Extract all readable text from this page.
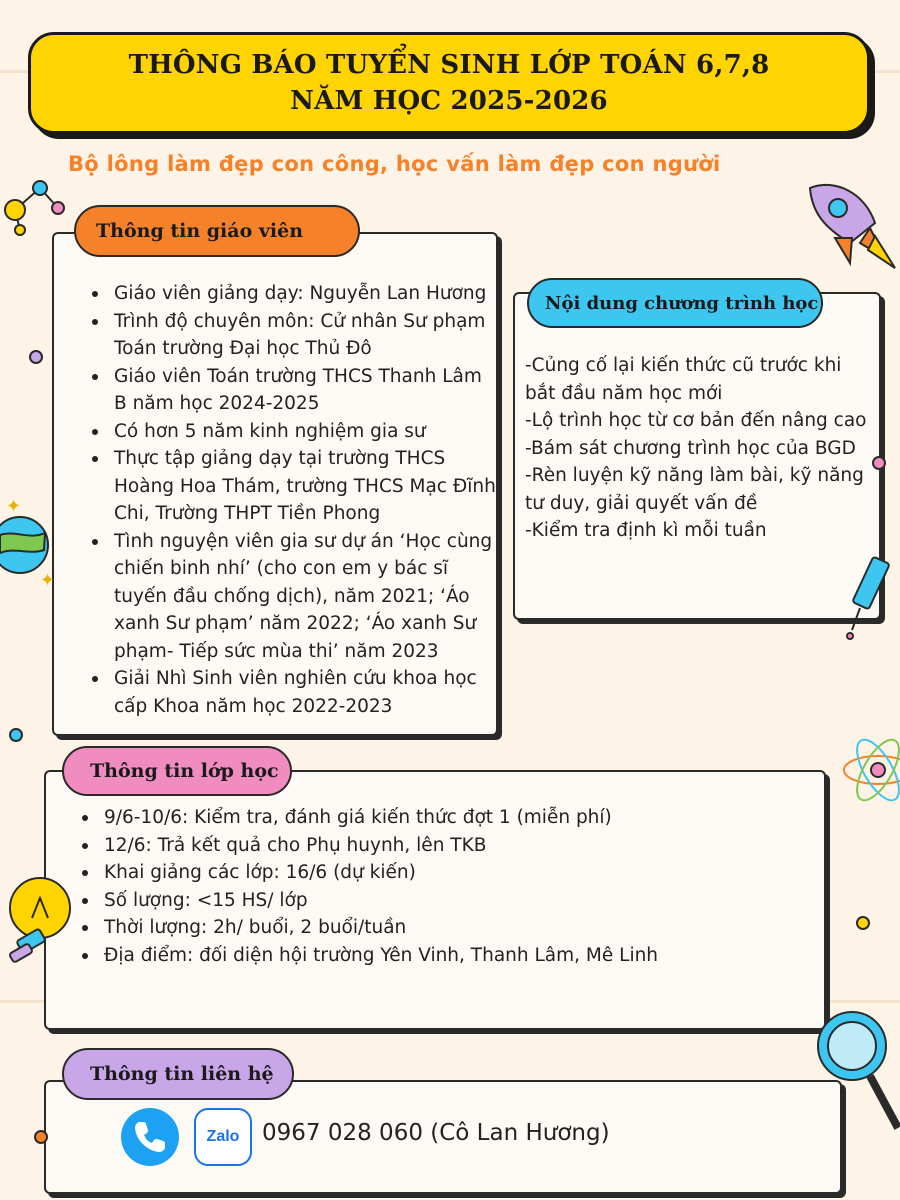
THÔNG BÁO TUYỂN SINH LỚP TOÁN 6,7,8
NĂM HỌC 2025-2026
Bộ lông làm đẹp con công, học vấn làm đẹp con người
Giáo viên giảng dạy: Nguyễn Lan Hương
Trình độ chuyên môn: Cử nhân Sư phạm Toán trường Đại học Thủ Đô
Giáo viên Toán trường THCS Thanh Lâm B năm học 2024-2025
Có hơn 5 năm kinh nghiệm gia sư
Thực tập giảng dạy tại trường THCS Hoàng Hoa Thám, trường THCS Mạc Đĩnh Chi, Trường THPT Tiền Phong
Tình nguyện viên gia sư dự án ‘Học cùng chiến binh nhí’ (cho con em y bác sĩ tuyến đầu chống dịch), năm 2021; ‘Áo xanh Sư phạm’ năm 2022; ‘Áo xanh Sư phạm- Tiếp sức mùa thi’ năm 2023
Giải Nhì Sinh viên nghiên cứu khoa học cấp Khoa năm học 2022-2023
Thông tin giáo viên

-Củng cố lại kiến thức cũ trước khi bắt đầu năm học mới

-Lộ trình học từ cơ bản đến nâng cao

-Bám sát chương trình học của BGD

-Rèn luyện kỹ năng làm bài, kỹ năng tư duy, giải quyết vấn đề

-Kiểm tra định kì mỗi tuần

Nội dung chương trình học
9/6-10/6: Kiểm tra, đánh giá kiến thức đợt 1 (miễn phí)
12/6: Trả kết quả cho Phụ huynh, lên TKB
Khai giảng các lớp: 16/6 (dự kiến)
Số lượng: <15 HS/ lớp
Thời lượng: 2h/ buổi, 2 buổi/tuần
Địa điểm: đối diện hội trường Yên Vinh, Thanh Lâm, Mê Linh
Thông tin lớp học
Zalo 0967 028 060 (Cô Lan Hương)
Thông tin liên hệ
✦
✦
